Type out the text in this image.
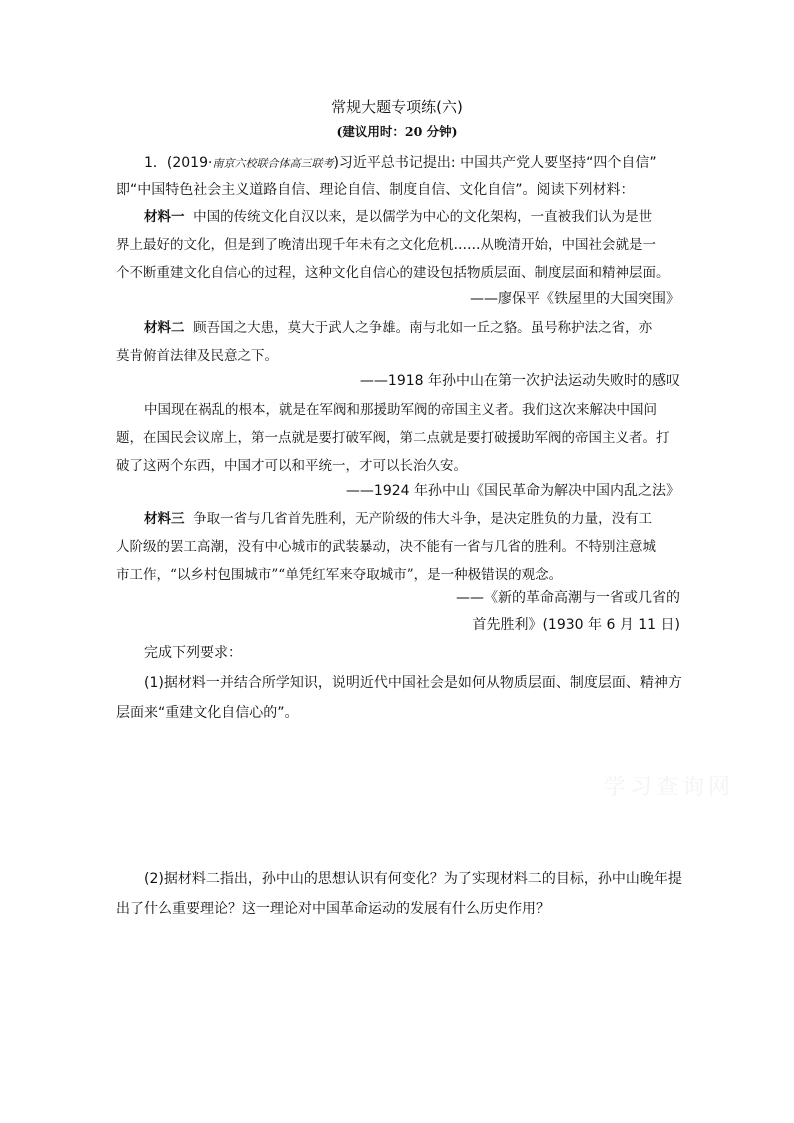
常规大题专项练(六)
(建议用时：20 分钟)
1．(2019·南京六校联合体高三联考)习近平总书记提出: 中国共产党人要坚持“四个自信”
即“中国特色社会主义道路自信、理论自信、制度自信、文化自信”。阅读下列材料：
材料一 中国的传统文化自汉以来，是以儒学为中心的文化架构，一直被我们认为是世
界上最好的文化，但是到了晚清出现千年未有之文化危机……从晚清开始，中国社会就是一
个不断重建文化自信心的过程，这种文化自信心的建设包括物质层面、制度层面和精神层面。
——廖保平《铁屋里的大国突围》
材料二 顾吾国之大患，莫大于武人之争雄。南与北如一丘之貉。虽号称护法之省，亦
莫肯俯首法律及民意之下。
——1918 年孙中山在第一次护法运动失败时的感叹
中国现在祸乱的根本，就是在军阀和那援助军阀的帝国主义者。我们这次来解决中国问
题，在国民会议席上，第一点就是要打破军阀，第二点就是要打破援助军阀的帝国主义者。打
破了这两个东西，中国才可以和平统一，才可以长治久安。
——1924 年孙中山《国民革命为解决中国内乱之法》
材料三 争取一省与几省首先胜利，无产阶级的伟大斗争，是决定胜负的力量，没有工
人阶级的罢工高潮，没有中心城市的武装暴动，决不能有一省与几省的胜利。不特别注意城
市工作，“以乡村包围城市”“单凭红军来夺取城市”，是一种极错误的观念。
——《新的革命高潮与一省或几省的
首先胜利》(1930 年 6 月 11 日)
完成下列要求：
(1)据材料一并结合所学知识，说明近代中国社会是如何从物质层面、制度层面、精神方
层面来“重建文化自信心的”。
学习查询网
(2)据材料二指出，孙中山的思想认识有何变化？为了实现材料二的目标，孙中山晚年提
出了什么重要理论？这一理论对中国革命运动的发展有什么历史作用？
